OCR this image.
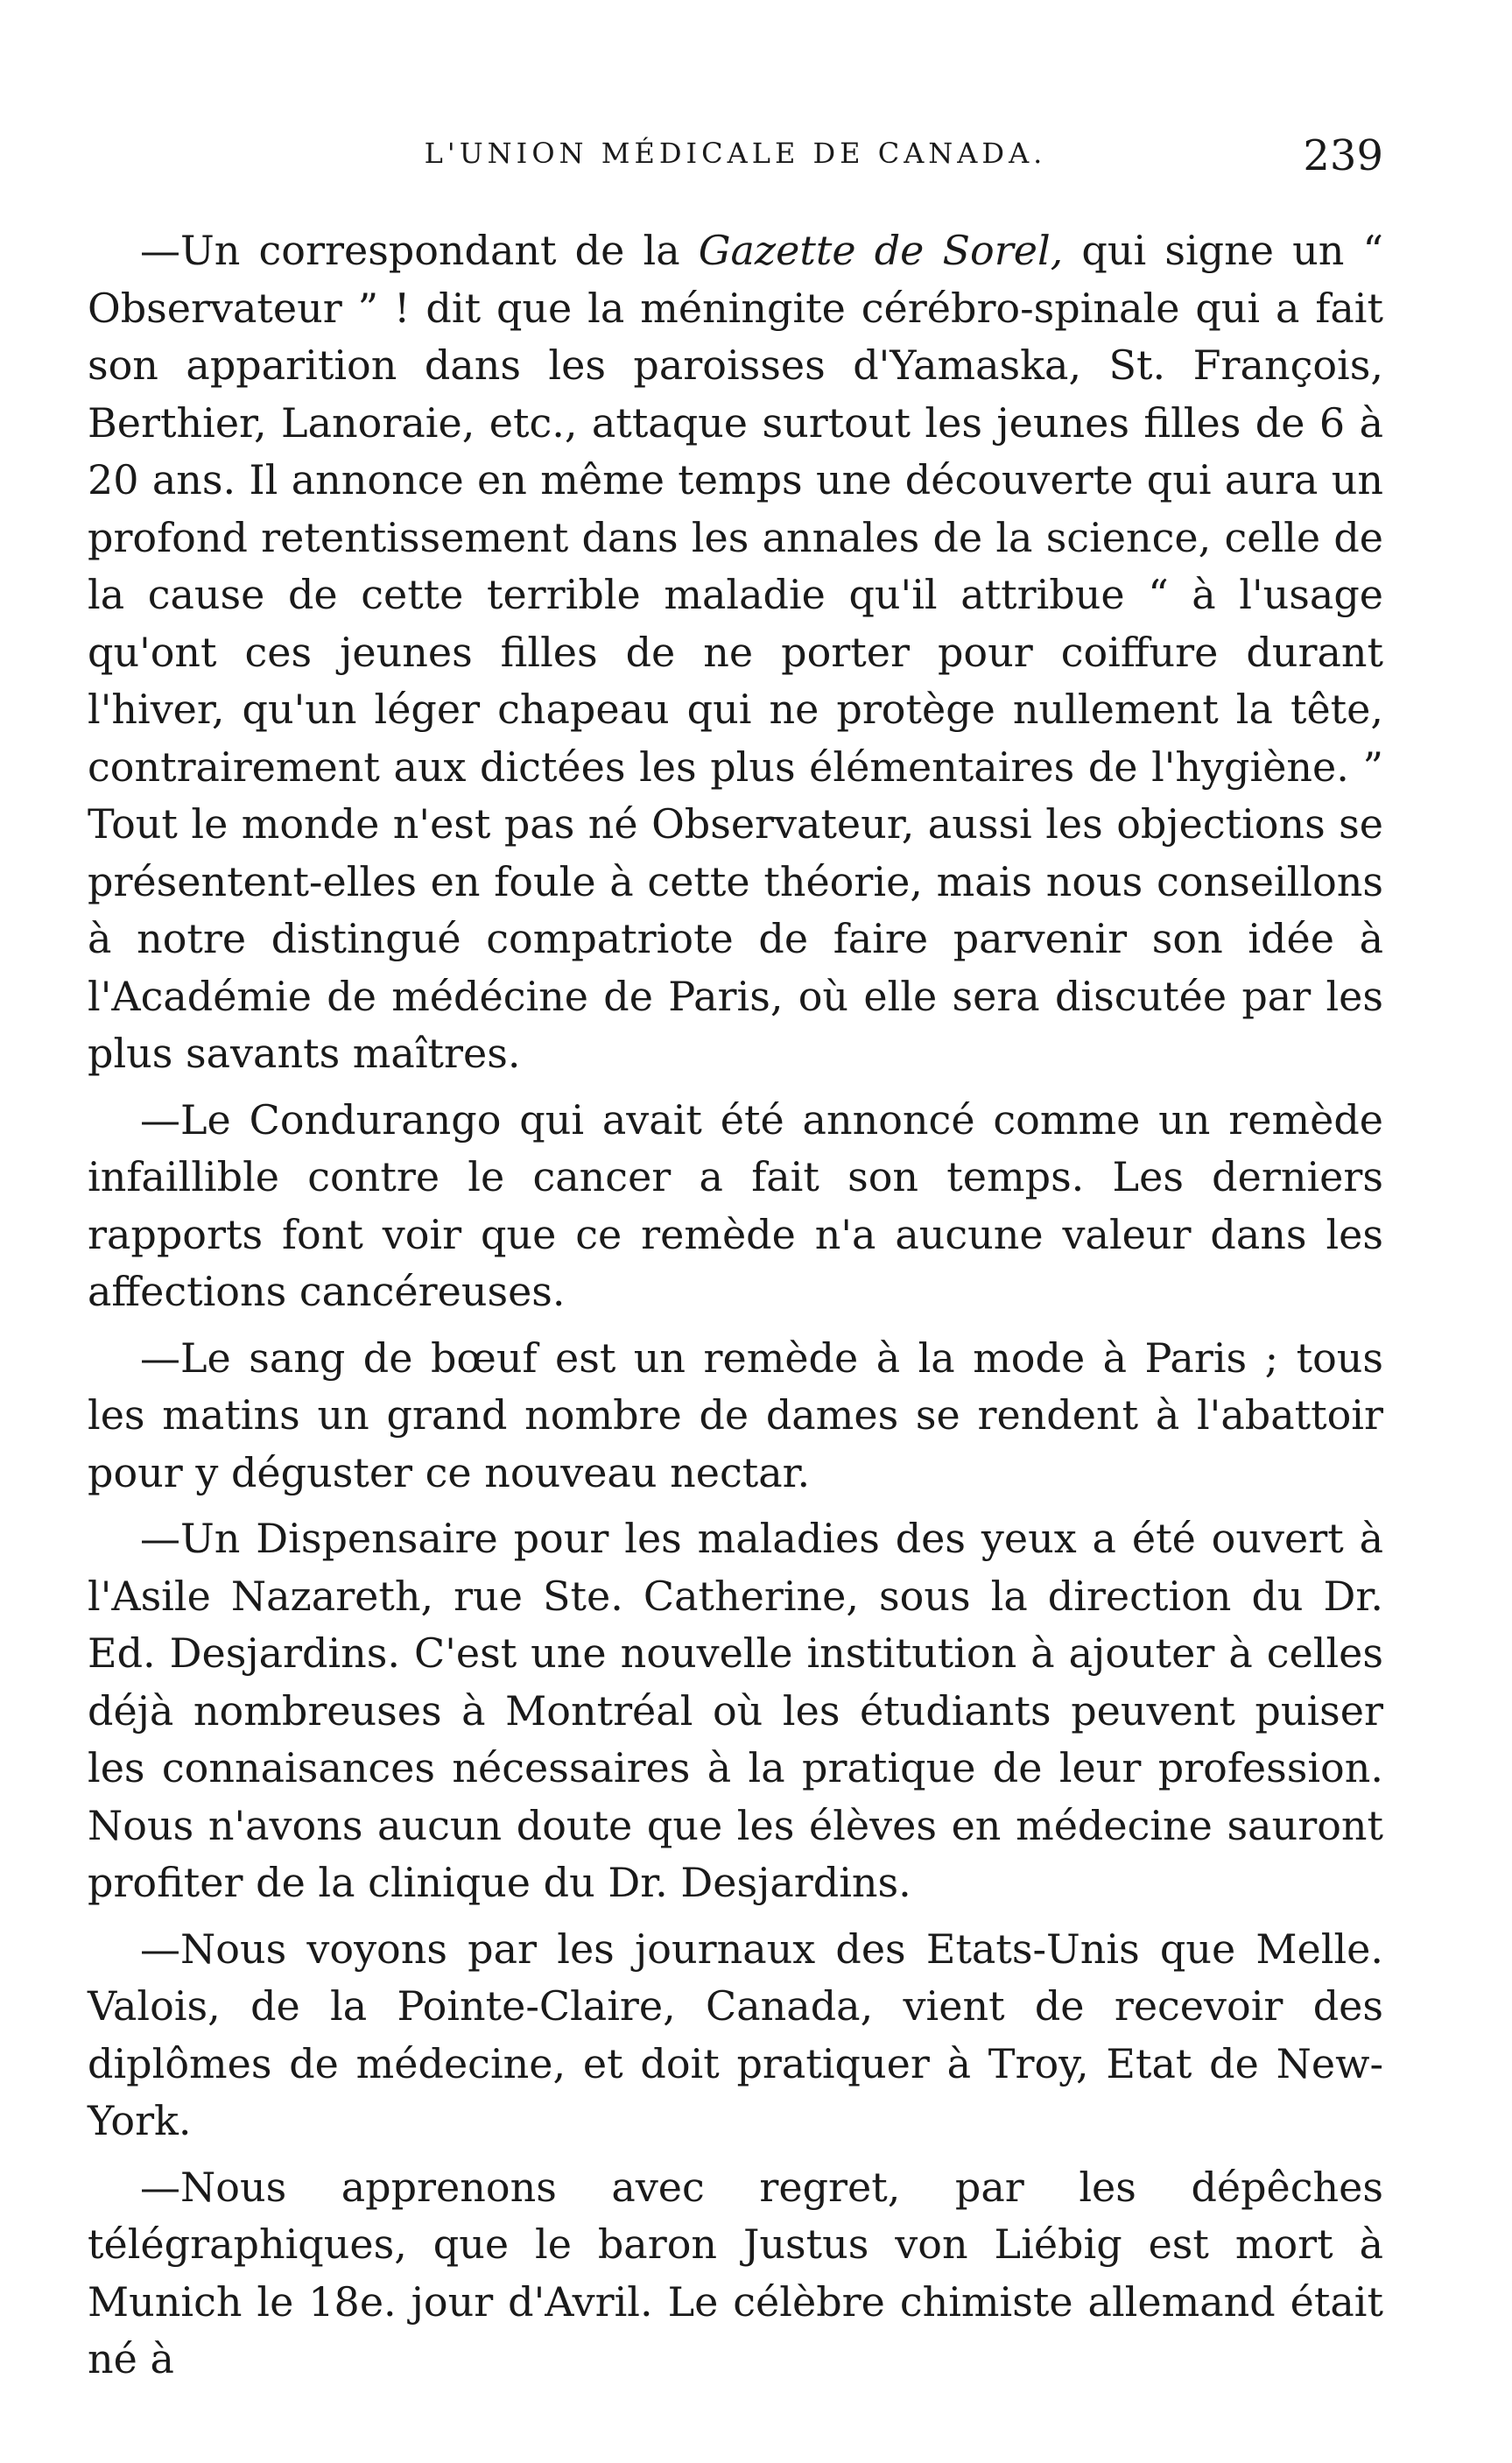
L'UNION MÉDICALE DE CANADA.	239

—Un correspondant de la Gazette de Sorel, qui signe un “ Observateur ” ! dit que la méningite cérébro-spinale qui a fait son apparition dans les paroisses d'Yamaska, St. François, Berthier, Lanoraie, etc., attaque surtout les jeunes filles de 6 à 20 ans. Il annonce en même temps une découverte qui aura un profond retentissement dans les annales de la science, celle de la cause de cette terrible maladie qu'il attribue “ à l'usage qu'ont ces jeunes filles de ne porter pour coiffure durant l'hiver, qu'un léger chapeau qui ne protège nullement la tête, contrairement aux dictées les plus élémentaires de l'hygiène. ” Tout le monde n'est pas né Observateur, aussi les objections se présentent-elles en foule à cette théorie, mais nous conseillons à notre distingué compatriote de faire parvenir son idée à l'Académie de médécine de Paris, où elle sera discutée par les plus savants maîtres.

—Le Condurango qui avait été annoncé comme un remède infaillible contre le cancer a fait son temps. Les derniers rapports font voir que ce remède n'a aucune valeur dans les affections cancéreuses.

—Le sang de bœuf est un remède à la mode à Paris ; tous les matins un grand nombre de dames se rendent à l'abattoir pour y déguster ce nouveau nectar.

—Un Dispensaire pour les maladies des yeux a été ouvert à l'Asile Nazareth, rue Ste. Catherine, sous la direction du Dr. Ed. Desjardins. C'est une nouvelle institution à ajouter à celles déjà nombreuses à Montréal où les étudiants peuvent puiser les connaisances nécessaires à la pratique de leur profession. Nous n'avons aucun doute que les élèves en médecine sauront profiter de la clinique du Dr. Desjardins.

—Nous voyons par les journaux des Etats-Unis que Melle. Valois, de la Pointe-Claire, Canada, vient de recevoir des diplômes de médecine, et doit pratiquer à Troy, Etat de New-York.

—Nous apprenons avec regret, par les dépêches télégraphiques, que le baron Justus von Liébig est mort à Munich le 18e. jour d'Avril. Le célèbre chimiste allemand était né à
